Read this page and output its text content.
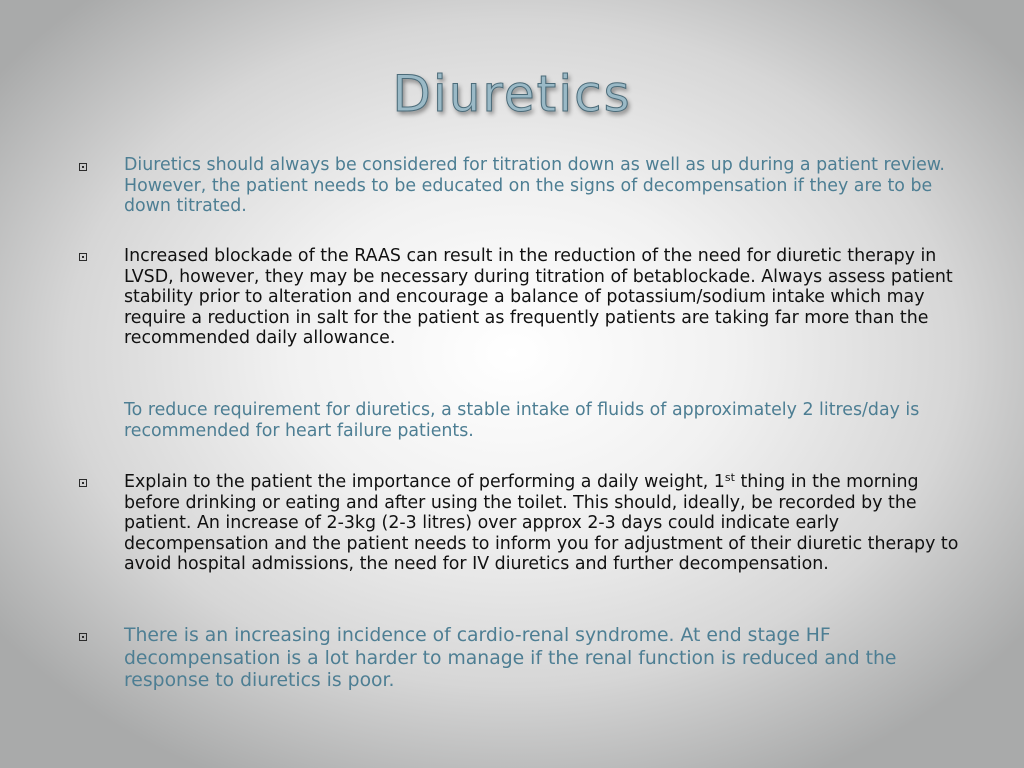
Diuretics

Diuretics should always be considered for titration down as well as up during a patient review. However, the patient needs to be educated on the signs of decompensation if they are to be down titrated.

Increased blockade of the RAAS can result in the reduction of the need for diuretic therapy in LVSD, however, they may be necessary during titration of betablockade. Always assess patient stability prior to alteration and encourage a balance of potassium/sodium intake which may require a reduction in salt for the patient as frequently patients are taking far more than the recommended daily allowance.

To reduce requirement for diuretics, a stable intake of fluids of approximately 2 litres/day is recommended for heart failure patients.

Explain to the patient the importance of performing a daily weight, 1st thing in the morning before drinking or eating and after using the toilet. This should, ideally, be recorded by the patient. An increase of 2-3kg (2-3 litres) over approx 2-3 days could indicate early decompensation and the patient needs to inform you for adjustment of their diuretic therapy to avoid hospital admissions, the need for IV diuretics and further decompensation.

There is an increasing incidence of cardio-renal syndrome. At end stage HF decompensation is a lot harder to manage if the renal function is reduced and the response to diuretics is poor.
